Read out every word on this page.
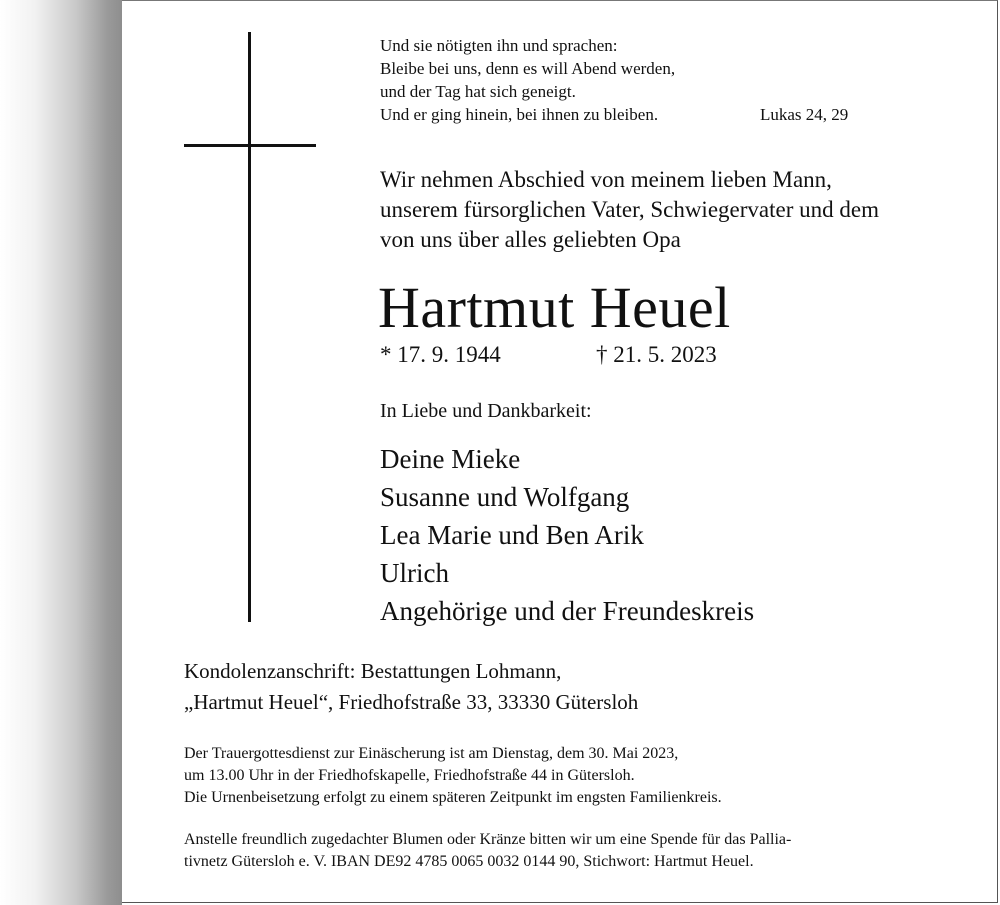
Und sie nötigten ihn und sprachen:
Bleibe bei uns, denn es will Abend werden,
und der Tag hat sich geneigt.
Und er ging hinein, bei ihnen zu bleiben.	Lukas 24, 29
Wir nehmen Abschied von meinem lieben Mann,
unserem fürsorglichen Vater, Schwiegervater und dem
von uns über alles geliebten Opa
Hartmut Heuel
* 17. 9. 1944	† 21. 5. 2023
In Liebe und Dankbarkeit:
Deine Mieke
Susanne und Wolfgang
Lea Marie und Ben Arik
Ulrich
Angehörige und der Freundeskreis
Kondolenzanschrift: Bestattungen Lohmann,
„Hartmut Heuel“, Friedhofstraße 33, 33330 Gütersloh
Der Trauergottesdienst zur Einäscherung ist am Dienstag, dem 30. Mai 2023,
um 13.00 Uhr in der Friedhofskapelle, Friedhofstraße 44 in Gütersloh.
Die Urnenbeisetzung erfolgt zu einem späteren Zeitpunkt im engsten Familienkreis.
Anstelle freundlich zugedachter Blumen oder Kränze bitten wir um eine Spende für das Pallia-
tivnetz Gütersloh e. V. IBAN DE92 4785 0065 0032 0144 90, Stichwort: Hartmut Heuel.
